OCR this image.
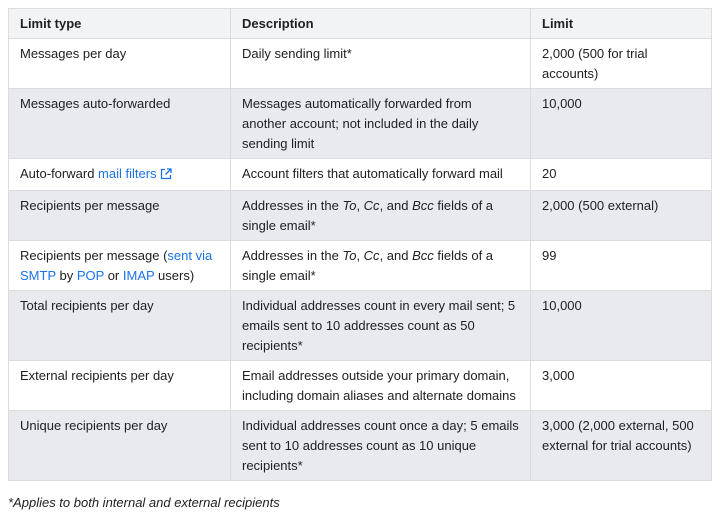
Limit type	Description	Limit
Messages per day	Daily sending limit*	2,000 (500 for trial accounts)
Messages auto-forwarded	Messages automatically forwarded from another account; not included in the daily sending limit	10,000
Auto-forward mail filters	Account filters that automatically forward mail	20
Recipients per message	Addresses in the To, Cc, and Bcc fields of a single email*	2,000 (500 external)
Recipients per message (sent via SMTP by POP or IMAP users)	Addresses in the To, Cc, and Bcc fields of a single email*	99
Total recipients per day	Individual addresses count in every mail sent; 5 emails sent to 10 addresses count as 50 recipients*	10,000
External recipients per day	Email addresses outside your primary domain, including domain aliases and alternate domains	3,000
Unique recipients per day	Individual addresses count once a day; 5 emails sent to 10 addresses count as 10 unique recipients*	3,000 (2,000 external, 500 external for trial accounts)
*Applies to both internal and external recipients
